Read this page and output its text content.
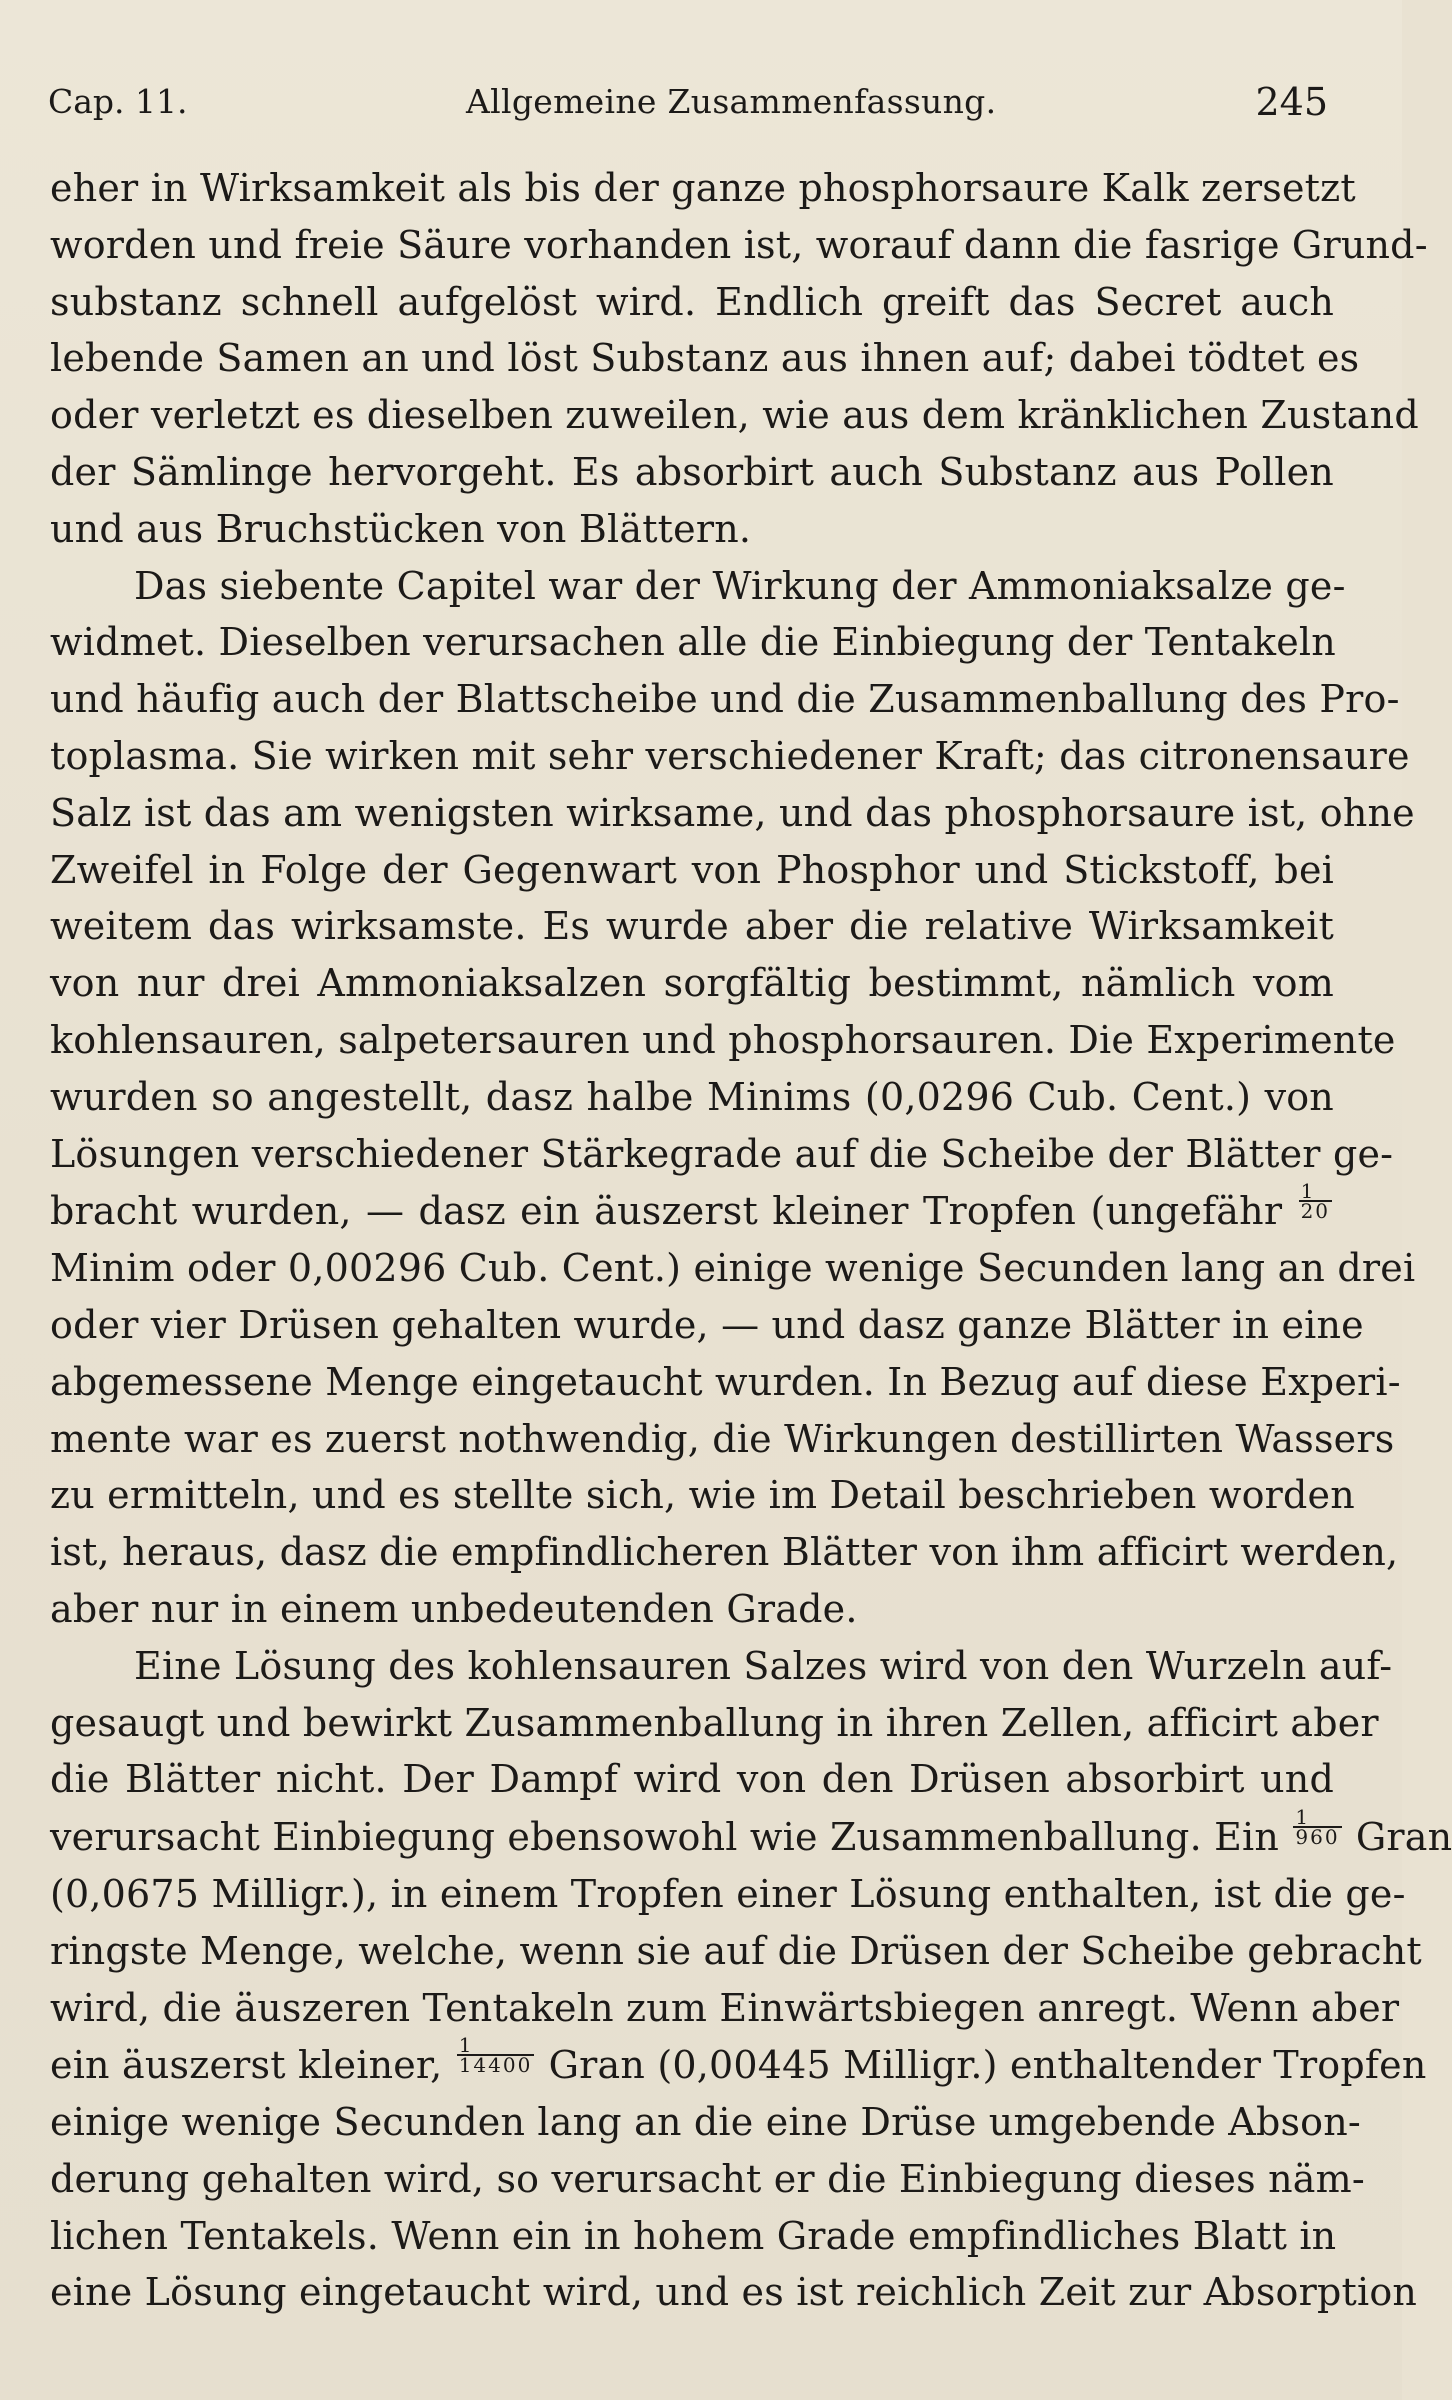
Cap. 11.	Allgemeine Zusammenfassung.	245
eher in Wirksamkeit als bis der ganze phosphorsaure Kalk zersetzt
worden und freie Säure vorhanden ist, worauf dann die fasrige Grund-
substanz schnell aufgelöst wird. Endlich greift das Secret auch
lebende Samen an und löst Substanz aus ihnen auf; dabei tödtet es
oder verletzt es dieselben zuweilen, wie aus dem kränklichen Zustand
der Sämlinge hervorgeht. Es absorbirt auch Substanz aus Pollen
und aus Bruchstücken von Blättern.
Das siebente Capitel war der Wirkung der Ammoniaksalze ge-
widmet. Dieselben verursachen alle die Einbiegung der Tentakeln
und häufig auch der Blattscheibe und die Zusammenballung des Pro-
toplasma. Sie wirken mit sehr verschiedener Kraft; das citronensaure
Salz ist das am wenigsten wirksame, und das phosphorsaure ist, ohne
Zweifel in Folge der Gegenwart von Phosphor und Stickstoff, bei
weitem das wirksamste. Es wurde aber die relative Wirksamkeit
von nur drei Ammoniaksalzen sorgfältig bestimmt, nämlich vom
kohlensauren, salpetersauren und phosphorsauren. Die Experimente
wurden so angestellt, dasz halbe Minims (0,0296 Cub. Cent.) von
Lösungen verschiedener Stärkegrade auf die Scheibe der Blätter ge-
bracht wurden, — dasz ein äuszerst kleiner Tropfen (ungefähr $\frac{1}{20}$
Minim oder 0,00296 Cub. Cent.) einige wenige Secunden lang an drei
oder vier Drüsen gehalten wurde, — und dasz ganze Blätter in eine
abgemessene Menge eingetaucht wurden. In Bezug auf diese Experi-
mente war es zuerst nothwendig, die Wirkungen destillirten Wassers
zu ermitteln, und es stellte sich, wie im Detail beschrieben worden
ist, heraus, dasz die empfindlicheren Blätter von ihm afficirt werden,
aber nur in einem unbedeutenden Grade.
Eine Lösung des kohlensauren Salzes wird von den Wurzeln auf-
gesaugt und bewirkt Zusammenballung in ihren Zellen, afficirt aber
die Blätter nicht. Der Dampf wird von den Drüsen absorbirt und
verursacht Einbiegung ebensowohl wie Zusammenballung. Ein $\frac{1}{960}$ Gran
(0,0675 Milligr.), in einem Tropfen einer Lösung enthalten, ist die ge-
ringste Menge, welche, wenn sie auf die Drüsen der Scheibe gebracht
wird, die äuszeren Tentakeln zum Einwärtsbiegen anregt. Wenn aber
ein äuszerst kleiner, $\frac{1}{14400}$ Gran (0,00445 Milligr.) enthaltender Tropfen
einige wenige Secunden lang an die eine Drüse umgebende Abson-
derung gehalten wird, so verursacht er die Einbiegung dieses näm-
lichen Tentakels. Wenn ein in hohem Grade empfindliches Blatt in
eine Lösung eingetaucht wird, und es ist reichlich Zeit zur Absorption
